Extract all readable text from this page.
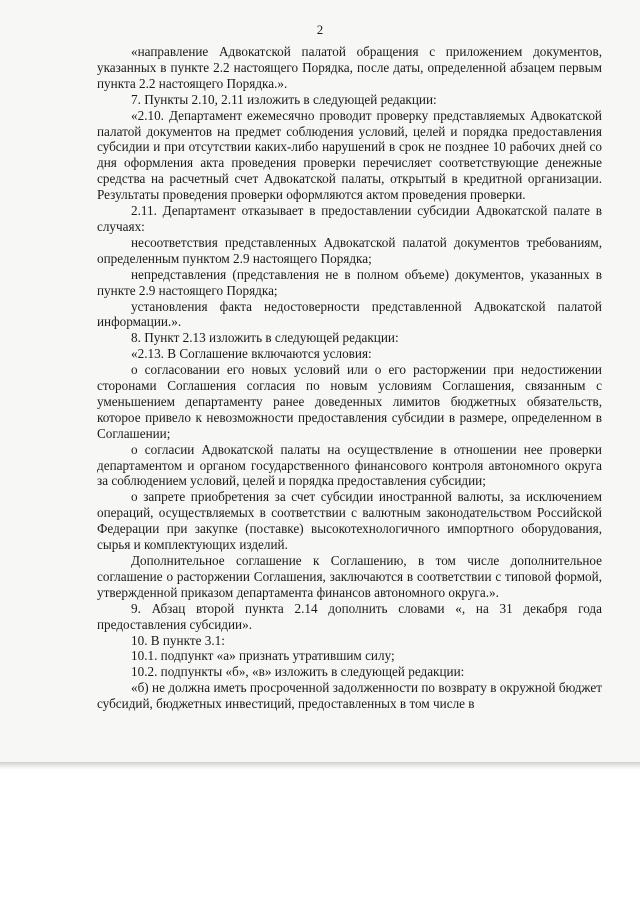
2

«направление Адвокатской палатой обращения с приложением документов, указанных в пункте 2.2 настоящего Порядка, после даты, определенной абзацем первым пункта 2.2 настоящего Порядка.».

7. Пункты 2.10, 2.11 изложить в следующей редакции:

«2.10. Департамент ежемесячно проводит проверку представляемых Адвокатской палатой документов на предмет соблюдения условий, целей и порядка предоставления субсидии и при отсутствии каких-либо нарушений в срок не позднее 10 рабочих дней со дня оформления акта проведения проверки перечисляет соответствующие денежные средства на расчетный счет Адвокатской палаты, открытый в кредитной организации. Результаты проведения проверки оформляются актом проведения проверки.

2.11. Департамент отказывает в предоставлении субсидии Адвокатской палате в случаях:

несоответствия представленных Адвокатской палатой документов требованиям, определенным пунктом 2.9 настоящего Порядка;

непредставления (представления не в полном объеме) документов, указанных в пункте 2.9 настоящего Порядка;

установления факта недостоверности представленной Адвокатской палатой информации.».

8. Пункт 2.13 изложить в следующей редакции:

«2.13. В Соглашение включаются условия:

о согласовании его новых условий или о его расторжении при недостижении сторонами Соглашения согласия по новым условиям Соглашения, связанным с уменьшением департаменту ранее доведенных лимитов бюджетных обязательств, которое привело к невозможности предоставления субсидии в размере, определенном в Соглашении;

о согласии Адвокатской палаты на осуществление в отношении нее проверки департаментом и органом государственного финансового контроля автономного округа за соблюдением условий, целей и порядка предоставления субсидии;

о запрете приобретения за счет субсидии иностранной валюты, за исключением операций, осуществляемых в соответствии с валютным законодательством Российской Федерации при закупке (поставке) высокотехнологичного импортного оборудования, сырья и комплектующих изделий.

Дополнительное соглашение к Соглашению, в том числе дополнительное соглашение о расторжении Соглашения, заключаются в соответствии с типовой формой, утвержденной приказом департамента финансов автономного округа.».

9. Абзац второй пункта 2.14 дополнить словами «, на 31 декабря года предоставления субсидии».

10. В пункте 3.1:

10.1. подпункт «а» признать утратившим силу;

10.2. подпункты «б», «в» изложить в следующей редакции:

«б) не должна иметь просроченной задолженности по возврату в окружной бюджет субсидий, бюджетных инвестиций, предоставленных в том числе в
